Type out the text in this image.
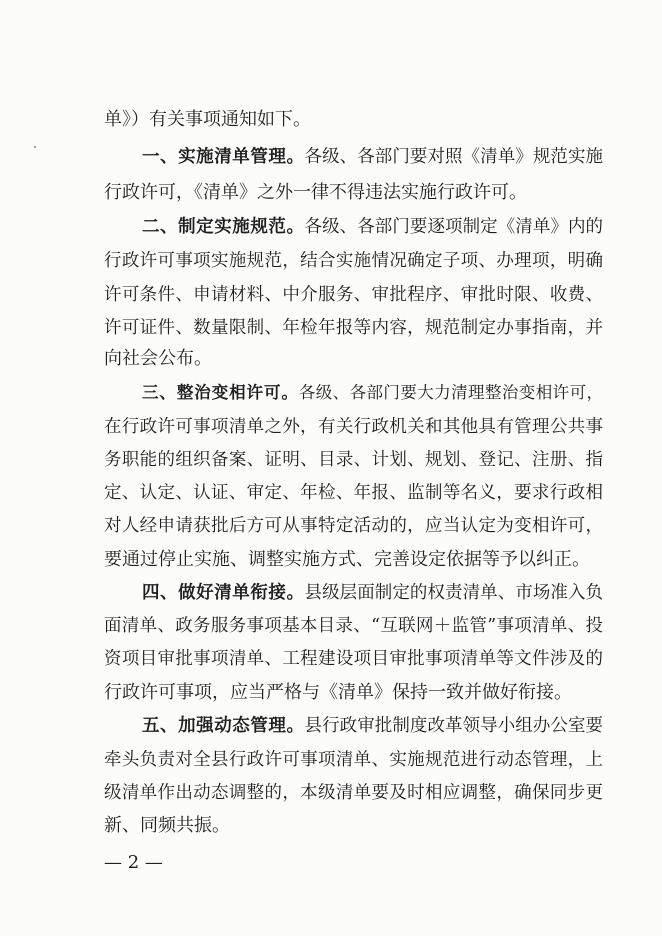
单》）有关事项通知如下。
一、实施清单管理。各级、各部门要对照《清单》规范实施
行政许可，《清单》之外一律不得违法实施行政许可。
二、制定实施规范。各级、各部门要逐项制定《清单》内的
行政许可事项实施规范，结合实施情况确定子项、办理项，明确
许可条件、申请材料、中介服务、审批程序、审批时限、收费、
许可证件、数量限制、年检年报等内容，规范制定办事指南，并
向社会公布。
三、整治变相许可。各级、各部门要大力清理整治变相许可，
在行政许可事项清单之外，有关行政机关和其他具有管理公共事
务职能的组织备案、证明、目录、计划、规划、登记、注册、指
定、认定、认证、审定、年检、年报、监制等名义，要求行政相
对人经申请获批后方可从事特定活动的，应当认定为变相许可，
要通过停止实施、调整实施方式、完善设定依据等予以纠正。
四、做好清单衔接。县级层面制定的权责清单、市场准入负
面清单、政务服务事项基本目录、“互联网＋监管”事项清单、投
资项目审批事项清单、工程建设项目审批事项清单等文件涉及的
行政许可事项，应当严格与《清单》保持一致并做好衔接。
五、加强动态管理。县行政审批制度改革领导小组办公室要
牵头负责对全县行政许可事项清单、实施规范进行动态管理，上
级清单作出动态调整的，本级清单要及时相应调整，确保同步更
新、同频共振。
— 2 —
